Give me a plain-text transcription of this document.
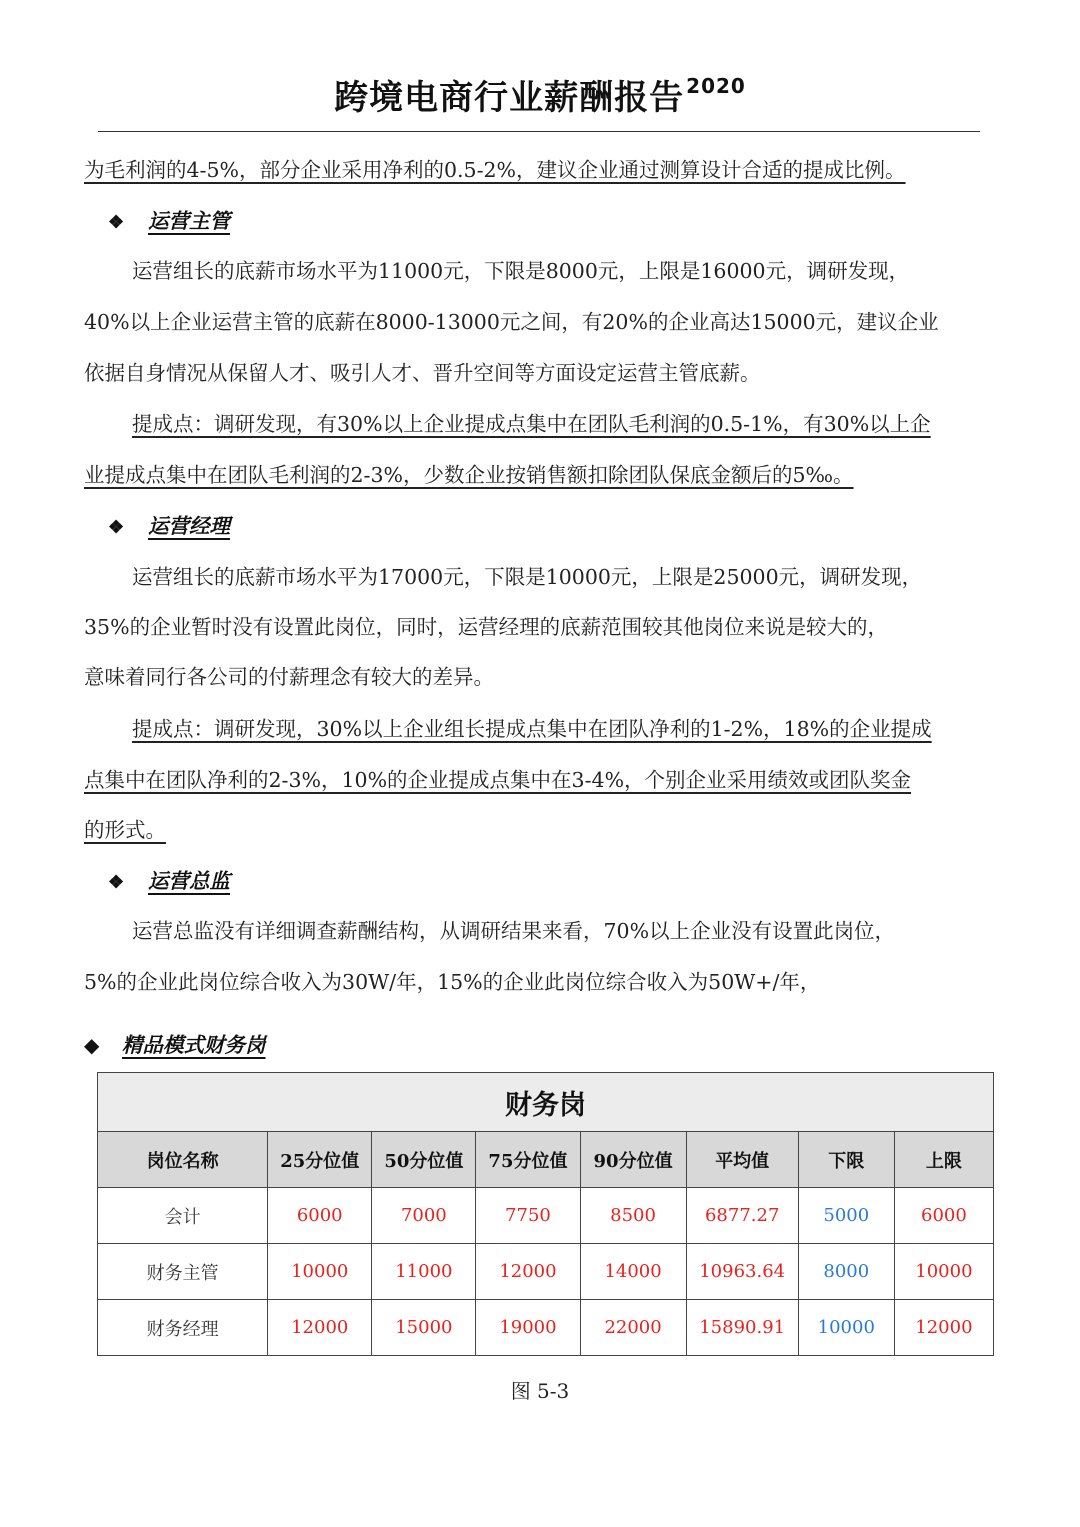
跨境电商行业薪酬报告 $^{2020}$
为毛利润的4-5%，部分企业采用净利的0.5-2%，建议企业通过测算设计合适的提成比例。
❖ 运营主管
运营组长的底薪市场水平为11000元，下限是8000元，上限是16000元，调研发现，
40%以上企业运营主管的底薪在8000-13000元之间，有20%的企业高达15000元，建议企业
依据自身情况从保留人才、吸引人才、晋升空间等方面设定运营主管底薪。
提成点：调研发现，有30%以上企业提成点集中在团队毛利润的0.5-1%，有30%以上企
业提成点集中在团队毛利润的2-3%，少数企业按销售额扣除团队保底金额后的5‰。
❖ 运营经理
运营组长的底薪市场水平为17000元，下限是10000元，上限是25000元，调研发现，
35%的企业暂时没有设置此岗位，同时，运营经理的底薪范围较其他岗位来说是较大的，
意味着同行各公司的付薪理念有较大的差异。
提成点：调研发现，30%以上企业组长提成点集中在团队净利的1-2%，18%的企业提成
点集中在团队净利的2-3%，10%的企业提成点集中在3-4%，个别企业采用绩效或团队奖金
的形式。
❖ 运营总监
运营总监没有详细调查薪酬结构，从调研结果来看，70%以上企业没有设置此岗位，
5%的企业此岗位综合收入为30W/年，15%的企业此岗位综合收入为50W+/年，
◆ 精品模式财务岗
财务岗							
岗位名称	25分位值	50分位值	75分位值	90分位值	平均值	下限	上限
会计	6000	7000	7750	8500	6877.27	5000	6000
财务主管	10000	11000	12000	14000	10963.64	8000	10000
财务经理	12000	15000	19000	22000	15890.91	10000	12000
图 5-3
